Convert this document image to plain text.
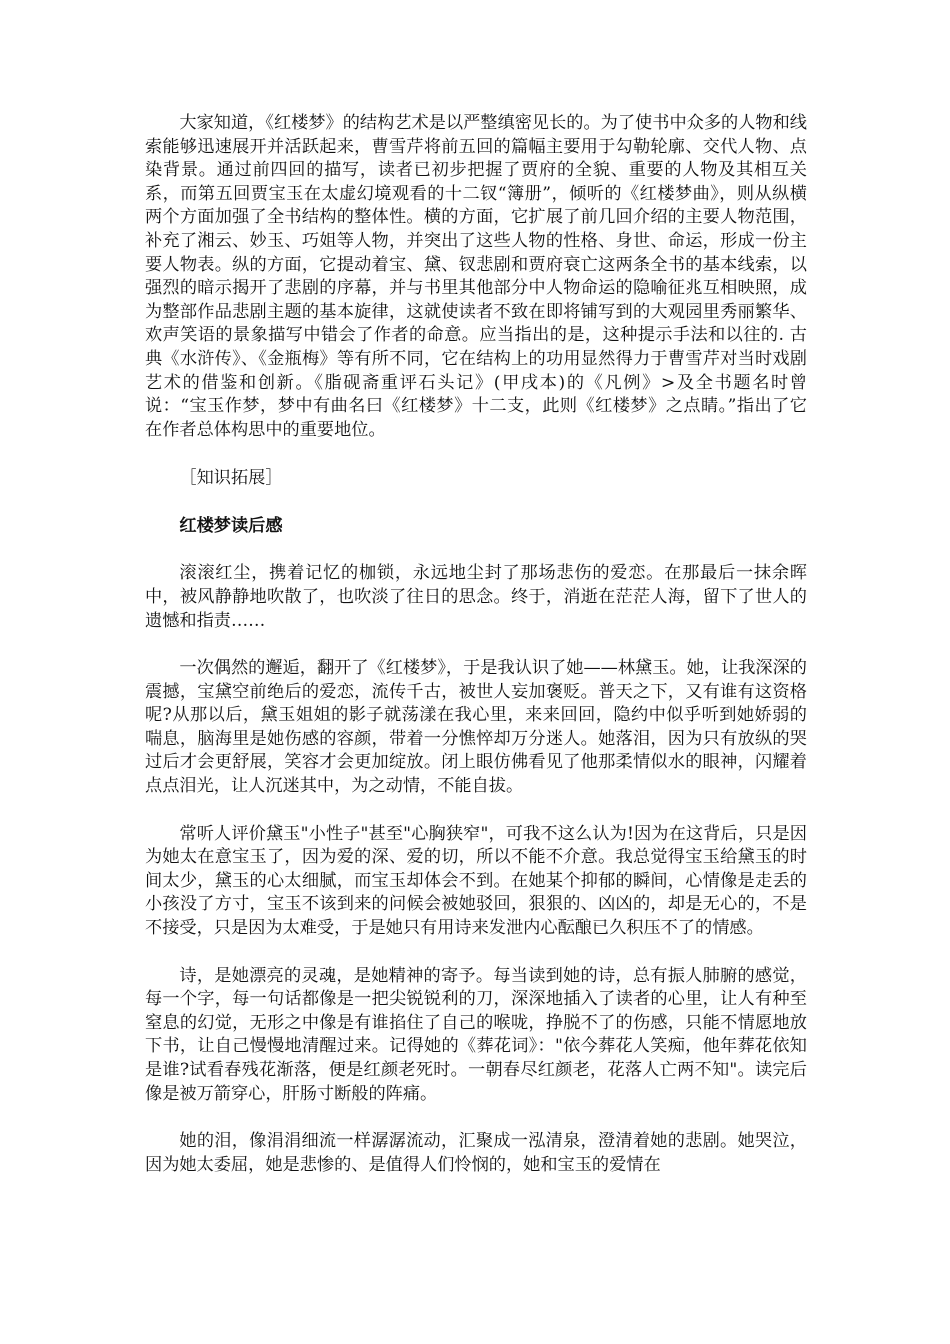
大家知道，《红楼梦》的结构艺术是以严整缜密见长的。为了使书中众多的人物和线索能够迅速展开并活跃起来，曹雪芹将前五回的篇幅主要用于勾勒轮廓、交代人物、点染背景。通过前四回的描写，读者已初步把握了贾府的全貌、重要的人物及其相互关系，而第五回贾宝玉在太虚幻境观看的十二钗“簿册”，倾听的《红楼梦曲》，则从纵横两个方面加强了全书结构的整体性。横的方面，它扩展了前几回介绍的主要人物范围，补充了湘云、妙玉、巧姐等人物，并突出了这些人物的性格、身世、命运，形成一份主要人物表。纵的方面，它提动着宝、黛、钗悲剧和贾府衰亡这两条全书的基本线索，以强烈的暗示揭开了悲剧的序幕，并与书里其他部分中人物命运的隐喻征兆互相映照，成为整部作品悲剧主题的基本旋律，这就使读者不致在即将铺写到的大观园里秀丽繁华、欢声笑语的景象描写中错会了作者的命意。应当指出的是，这种提示手法和以往的. 古典《水浒传》、《金瓶梅》等有所不同，它在结构上的功用显然得力于曹雪芹对当时戏剧艺术的借鉴和创新。《脂砚斋重评石头记》(甲戌本)的《凡例》>及全书题名时曾说：“宝玉作梦，梦中有曲名曰《红楼梦》十二支，此则《红楼梦》之点睛。”指出了它在作者总体构思中的重要地位。

［知识拓展］

红楼梦读后感

滚滚红尘，携着记忆的枷锁，永远地尘封了那场悲伤的爱恋。在那最后一抹余晖中，被风静静地吹散了，也吹淡了往日的思念。终于，消逝在茫茫人海，留下了世人的遗憾和指责……

一次偶然的邂逅，翻开了《红楼梦》，于是我认识了她——林黛玉。她，让我深深的震撼，宝黛空前绝后的爱恋，流传千古，被世人妄加褒贬。普天之下，又有谁有这资格呢?从那以后，黛玉姐姐的影子就荡漾在我心里，来来回回，隐约中似乎听到她娇弱的喘息，脑海里是她伤感的容颜，带着一分憔悴却万分迷人。她落泪，因为只有放纵的哭过后才会更舒展，笑容才会更加绽放。闭上眼仿佛看见了他那柔情似水的眼神，闪耀着点点泪光，让人沉迷其中，为之动情，不能自拔。

常听人评价黛玉"小性子"甚至"心胸狭窄"，可我不这么认为!因为在这背后，只是因为她太在意宝玉了，因为爱的深、爱的切，所以不能不介意。我总觉得宝玉给黛玉的时间太少，黛玉的心太细腻，而宝玉却体会不到。在她某个抑郁的瞬间，心情像是走丢的小孩没了方寸，宝玉不该到来的问候会被她驳回，狠狠的、凶凶的，却是无心的，不是不接受，只是因为太难受，于是她只有用诗来发泄内心酝酿已久积压不了的情感。

诗，是她漂亮的灵魂，是她精神的寄予。每当读到她的诗，总有振人肺腑的感觉，每一个字，每一句话都像是一把尖锐锐利的刀，深深地插入了读者的心里，让人有种至窒息的幻觉，无形之中像是有谁掐住了自己的喉咙，挣脱不了的伤感，只能不情愿地放下书，让自己慢慢地清醒过来。记得她的《葬花词》："依今葬花人笑痴，他年葬花依知是谁?试看春残花渐落，便是红颜老死时。一朝春尽红颜老，花落人亡两不知"。读完后像是被万箭穿心，肝肠寸断般的阵痛。

她的泪，像涓涓细流一样潺潺流动，汇聚成一泓清泉，澄清着她的悲剧。她哭泣，因为她太委屈，她是悲惨的、是值得人们怜悯的，她和宝玉的爱情在
